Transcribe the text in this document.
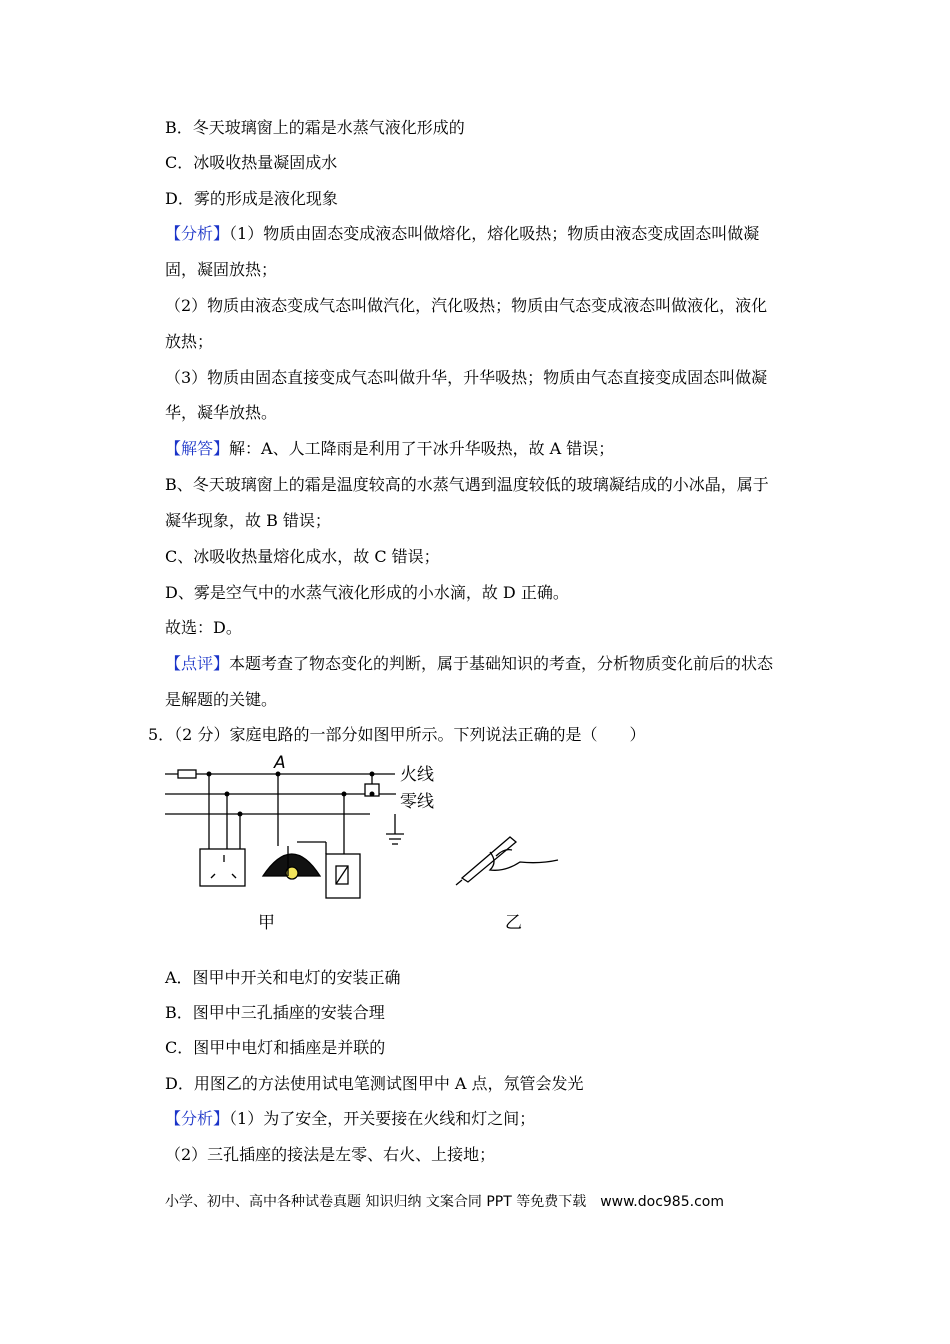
B．冬天玻璃窗上的霜是水蒸气液化形成的
C．冰吸收热量凝固成水
D．雾的形成是液化现象
【分析】（1）物质由固态变成液态叫做熔化，熔化吸热；物质由液态变成固态叫做凝
固，凝固放热；
（2）物质由液态变成气态叫做汽化，汽化吸热；物质由气态变成液态叫做液化，液化
放热；
（3）物质由固态直接变成气态叫做升华，升华吸热；物质由气态直接变成固态叫做凝
华，凝华放热。
【解答】解：A、人工降雨是利用了干冰升华吸热，故 A 错误；
B、冬天玻璃窗上的霜是温度较高的水蒸气遇到温度较低的玻璃凝结成的小冰晶，属于
凝华现象，故 B 错误；
C、冰吸收热量熔化成水，故 C 错误；
D、雾是空气中的水蒸气液化形成的小水滴，故 D 正确。
故选：D。
【点评】本题考查了物态变化的判断，属于基础知识的考查，分析物质变化前后的状态
是解题的关键。
5．（2 分）家庭电路的一部分如图甲所示。下列说法正确的是（　　）
A
火线
零线
甲	乙
A．图甲中开关和电灯的安装正确
B．图甲中三孔插座的安装合理
C．图甲中电灯和插座是并联的
D．用图乙的方法使用试电笔测试图甲中 A 点，氖管会发光
【分析】（1）为了安全，开关要接在火线和灯之间；
（2）三孔插座的接法是左零、右火、上接地；
小学、初中、高中各种试卷真题 知识归纳 文案合同 PPT 等免费下载　www.doc985.com
